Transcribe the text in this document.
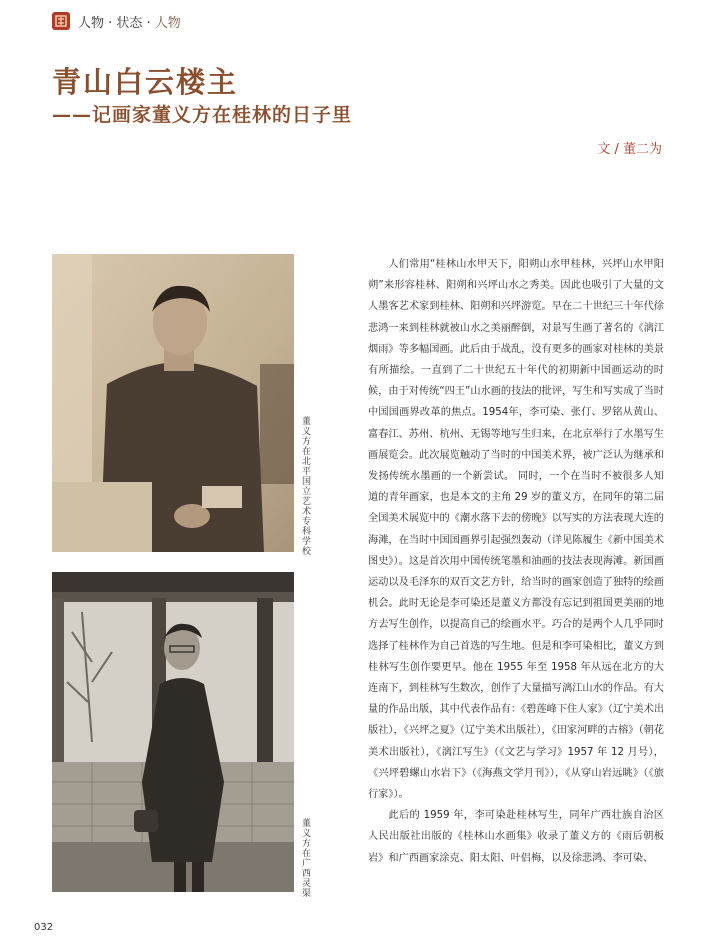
人物 · 状态 · 人物
青山白云楼主
——记画家董义方在桂林的日子里
文 / 董二为
董义方在北平国立艺术专科学校
董义方在广西灵渠

人们常用“桂林山水甲天下，阳朔山水甲桂林，兴坪山水甲阳朔”来形容桂林、阳朔和兴坪山水之秀美。因此也吸引了大量的文人墨客艺术家到桂林、阳朔和兴坪游览。早在二十世纪三十年代徐悲鸿一来到桂林就被山水之美丽醉倒，对景写生画了著名的《漓江烟雨》等多幅国画。此后由于战乱，没有更多的画家对桂林的美景有所描绘。一直到了二十世纪五十年代的初期新中国画运动的时候，由于对传统“四王”山水画的技法的批评，写生和写实成了当时中国国画界改革的焦点。1954年，李可染、张仃、罗铭从黄山、富春江、苏州、杭州、无锡等地写生归来，在北京举行了水墨写生画展览会。此次展览触动了当时的中国美术界，被广泛认为继承和发扬传统水墨画的一个新尝试。 同时，一个在当时不被很多人知道的青年画家，也是本文的主角 29 岁的董义方，在同年的第二届全国美术展览中的《潮水落下去的傍晚》以写实的方法表现大连的海滩，在当时中国国画界引起强烈轰动（详见陈履生《新中国美术图史》）。这是首次用中国传统笔墨和油画的技法表现海滩。新国画运动以及毛泽东的双百文艺方针，给当时的画家创造了独特的绘画机会。此时无论是李可染还是董义方都没有忘记到祖国更美丽的地方去写生创作，以提高自己的绘画水平。巧合的是两个人几乎同时选择了桂林作为自己首选的写生地。但是和李可染相比，董义方到桂林写生创作要更早。他在 1955 年至 1958 年从远在北方的大连南下，到桂林写生数次，创作了大量描写漓江山水的作品。有大量的作品出版，其中代表作品有：《碧莲峰下住人家》（辽宁美术出版社），《兴坪之夏》（辽宁美术出版社），《田家河畔的古榕》（朝花美术出版社），《漓江写生》（《文艺与学习》1957 年 12 月号），《兴坪碧螺山水岩下》（《海燕文学月刊》），《从穿山岩远眺》（《旅行家》）。

此后的 1959 年，李可染赴桂林写生，同年广西壮族自治区人民出版社出版的《桂林山水画集》收录了董义方的《雨后朝板岩》和广西画家涂克、阳太阳、叶侣梅，以及徐悲鸿、李可染、

032
